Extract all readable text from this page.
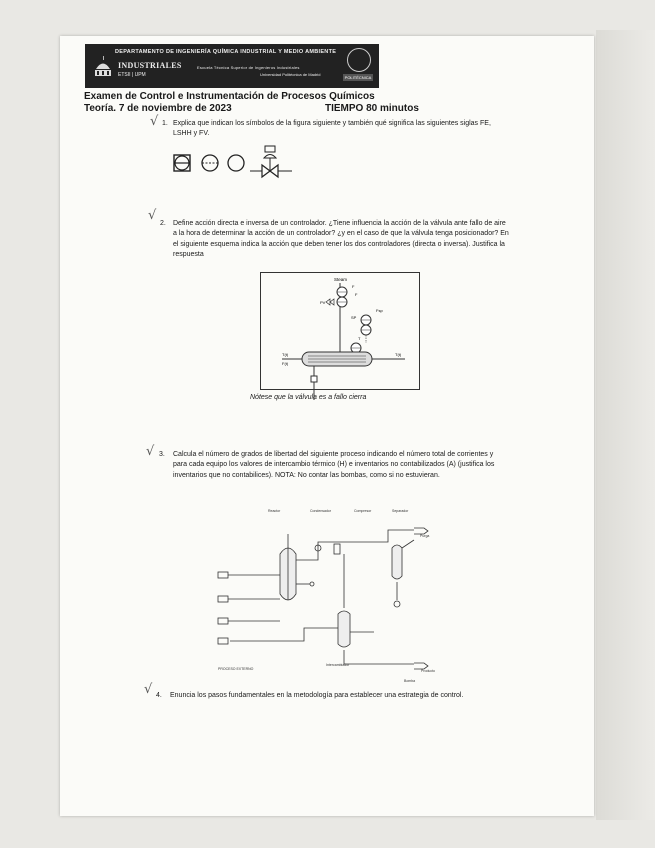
DEPARTAMENTO DE INGENIERÍA QUÍMICA INDUSTRIAL Y MEDIO AMBIENTE
INDUSTRIALES
ETSII | UPM
Escuela Técnica Superior de Ingenieros Industriales
Universidad Politécnica de Madrid
POLITÉCNICA
Examen de Control e Instrumentación de Procesos Químicos
Teoría. 7 de noviembre de 2023	TIEMPO 80 minutos
√ 1. Explica que indican los símbolos de la figura siguiente y también qué significa las siguientes siglas FE, LSHH y FV.
√
2. Define acción directa e inversa de un controlador. ¿Tiene influencia la acción de la válvula ante fallo de aire a la hora de determinar la acción de un controlador? ¿y en el caso de que la válvula tenga posicionador? En el siguiente esquema indica la acción que deben tener los dos controladores (directa o inversa). Justifica la respuesta
Steam
F
F
SP
Fsp
PV
T
T(t)
F(t)
T(t)
Nótese que la válvula es a fallo cierra
√ 3. Calcula el número de grados de libertad del siguiente proceso indicando el número total de corrientes y para cada equipo los valores de intercambio térmico (H) e inventarios no contabilizados (A) (justifica los inventarios que no contabilices). NOTA: No contar las bombas, como si no estuvieran.
Reactor	Condensador	Compresor	Separador
Purga
PROCESO EXTERNO
Intercambiador
Bomba
Producto
√ 4. Enuncia los pasos fundamentales en la metodología para establecer una estrategia de control.
